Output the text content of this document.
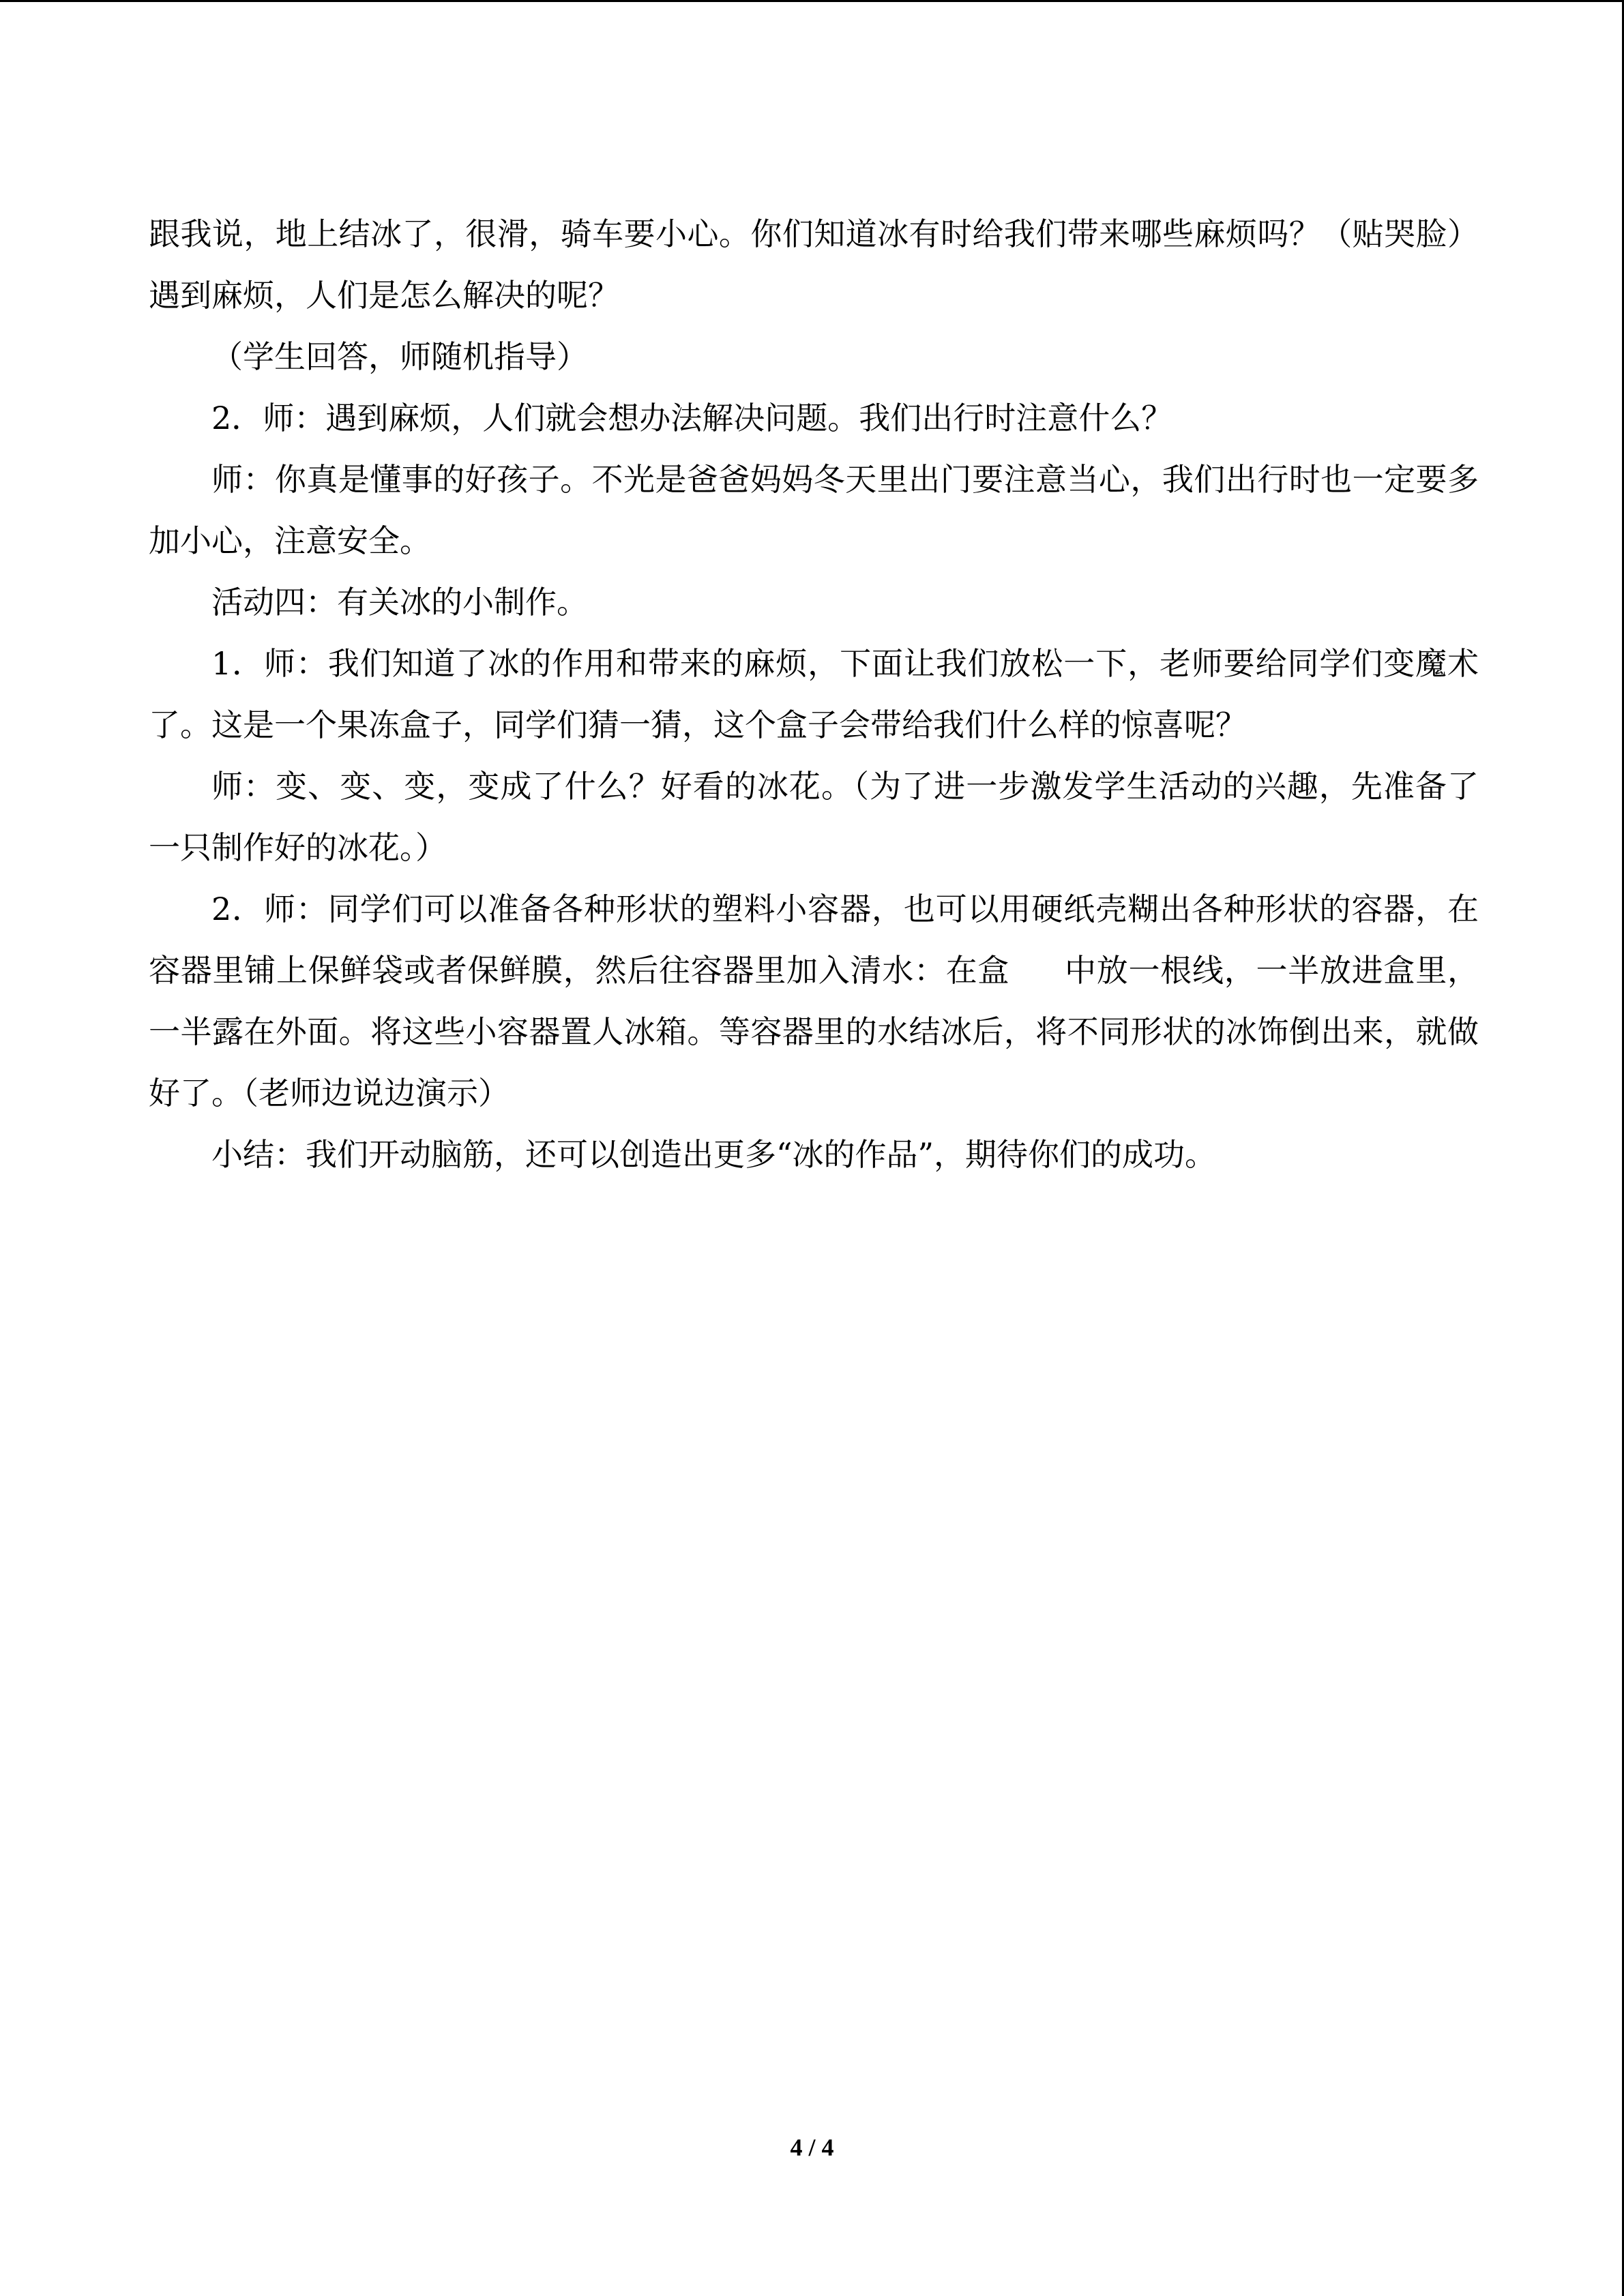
跟我说，地上结冰了，很滑，骑车要小心。你们知道冰有时给我们带来哪些麻烦吗？（贴哭脸）遇到麻烦，人们是怎么解决的呢？

（学生回答，师随机指导）

2．师：遇到麻烦，人们就会想办法解决问题。我们出行时注意什么？

师：你真是懂事的好孩子。不光是爸爸妈妈冬天里出门要注意当心，我们出行时也一定要多加小心，注意安全。

活动四：有关冰的小制作。

1．师：我们知道了冰的作用和带来的麻烦，下面让我们放松一下，老师要给同学们变魔术了。这是一个果冻盒子，同学们猜一猜，这个盒子会带给我们什么样的惊喜呢？

师：变、变、变，变成了什么？好看的冰花。（为了进一步激发学生活动的兴趣，先准备了一只制作好的冰花。）

2．师：同学们可以准备各种形状的塑料小容器，也可以用硬纸壳糊出各种形状的容器，在容器里铺上保鲜袋或者保鲜膜，然后往容器里加入清水：在盒 中放一根线，一半放进盒里，一半露在外面。将这些小容器置人冰箱。等容器里的水结冰后，将不同形状的冰饰倒出来，就做好了。（老师边说边演示）

小结：我们开动脑筋，还可以创造出更多“冰的作品”，期待你们的成功。

4 / 4
